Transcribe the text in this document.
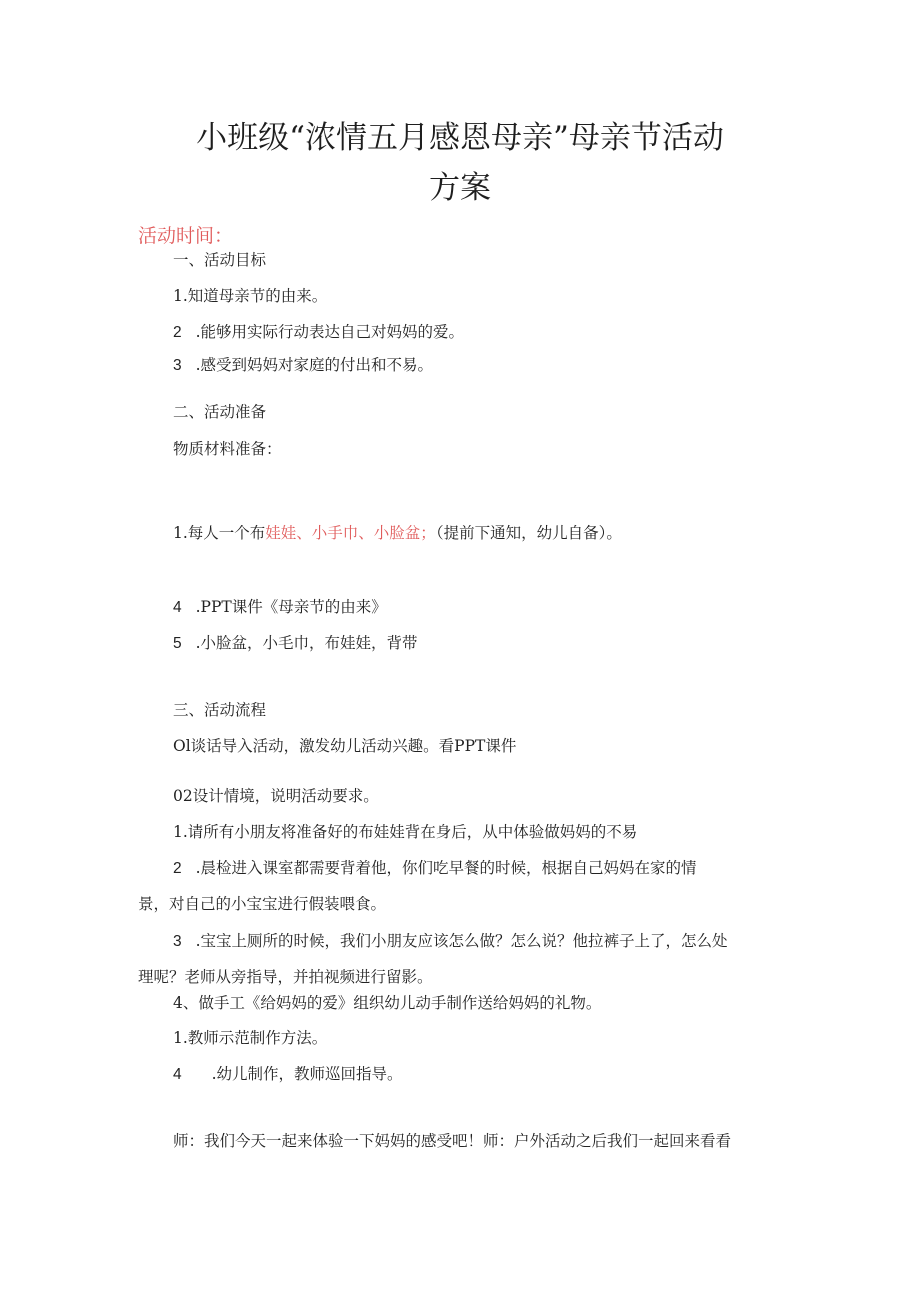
小班级“浓情五月感恩母亲”母亲节活动
方案
活动时间：
一、活动目标
1.知道母亲节的由来。
2 .能够用实际行动表达自己对妈妈的爱。
3 .感受到妈妈对家庭的付出和不易。
二、活动准备
物质材料准备：
1.每人一个布娃娃、小手巾、小脸盆；（提前下通知，幼儿自备）。
4 .PPT课件《母亲节的由来》
5 .小脸盆，小毛巾，布娃娃，背带
三、活动流程
Ol谈话导入活动，激发幼儿活动兴趣。看PPT课件
02设计情境，说明活动要求。
1.请所有小朋友将准备好的布娃娃背在身后，从中体验做妈妈的不易
2 .晨检进入课室都需要背着他，你们吃早餐的时候，根据自己妈妈在家的情
景，对自己的小宝宝进行假装喂食。
3 .宝宝上厕所的时候，我们小朋友应该怎么做？怎么说？他拉裤子上了，怎么处
理呢？老师从旁指导，并拍视频进行留影。
4、做手工《给妈妈的爱》组织幼儿动手制作送给妈妈的礼物。
1.教师示范制作方法。
4 .幼儿制作，教师巡回指导。
师：我们今天一起来体验一下妈妈的感受吧！师：户外活动之后我们一起回来看看
